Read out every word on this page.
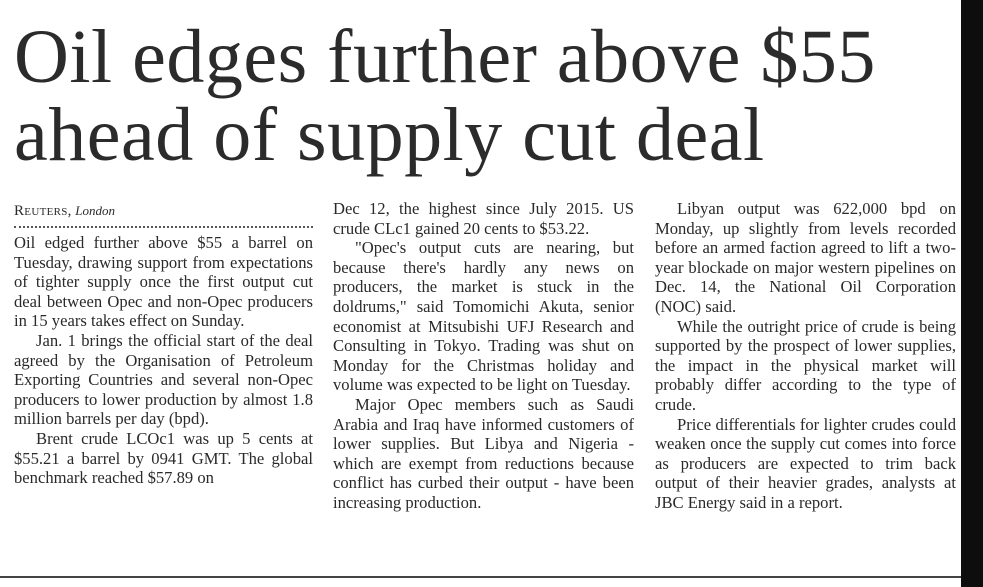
Oil edges further above $55 ahead of supply cut deal
Reuters, London

Oil edged further above $55 a barrel on Tuesday, drawing support from expectations of tighter supply once the first output cut deal between Opec and non-Opec producers in 15 years takes effect on Sunday.

Jan. 1 brings the official start of the deal agreed by the Organisation of Petroleum Exporting Countries and several non-Opec producers to lower production by almost 1.8 million barrels per day (bpd).

Brent crude LCOc1 was up 5 cents at $55.21 a barrel by 0941 GMT. The global benchmark reached $57.89 on

Dec 12, the highest since July 2015. US crude CLc1 gained 20 cents to $53.22.

"Opec's output cuts are nearing, but because there's hardly any news on producers, the market is stuck in the doldrums," said Tomomichi Akuta, senior economist at Mitsubishi UFJ Research and Consulting in Tokyo. Trading was shut on Monday for the Christmas holiday and volume was expected to be light on Tuesday.

Major Opec members such as Saudi Arabia and Iraq have informed customers of lower supplies. But Libya and Nigeria - which are exempt from reductions because conflict has curbed their output - have been increasing production.

Libyan output was 622,000 bpd on Monday, up slightly from levels recorded before an armed faction agreed to lift a two-year blockade on major western pipelines on Dec. 14, the National Oil Corporation (NOC) said.

While the outright price of crude is being supported by the prospect of lower supplies, the impact in the physical market will probably differ according to the type of crude.

Price differentials for lighter crudes could weaken once the supply cut comes into force as producers are expected to trim back output of their heavier grades, analysts at JBC Energy said in a report.
